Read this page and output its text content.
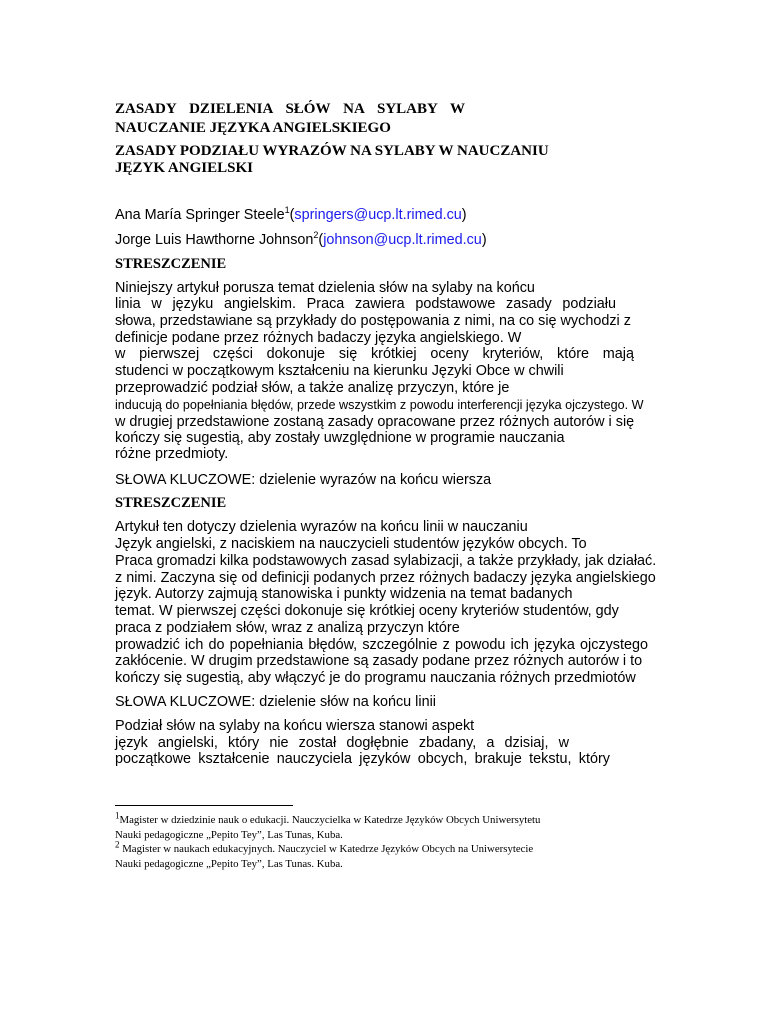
ZASADY DZIELENIA SŁÓW NA SYLABY W
NAUCZANIE JĘZYKA ANGIELSKIEGO
ZASADY PODZIAŁU WYRAZÓW NA SYLABY W NAUCZANIU
JĘZYK ANGIELSKI
Ana María Springer Steele$^1$(springers@ucp.lt.rimed.cu)
Jorge Luis Hawthorne Johnson$^2$(johnson@ucp.lt.rimed.cu)
STRESZCZENIE
Niniejszy artykuł porusza temat dzielenia słów na sylaby na końcu
linia w języku angielskim. Praca zawiera podstawowe zasady podziału
słowa, przedstawiane są przykłady do postępowania z nimi, na co się wychodzi z
definicje podane przez różnych badaczy języka angielskiego. W
w pierwszej części dokonuje się krótkiej oceny kryteriów, które mają
studenci w początkowym kształceniu na kierunku Języki Obce w chwili
przeprowadzić podział słów, a także analizę przyczyn, które je
inducują do popełniania błędów, przede wszystkim z powodu interferencji języka ojczystego. W
w drugiej przedstawione zostaną zasady opracowane przez różnych autorów i się
kończy się sugestią, aby zostały uwzględnione w programie nauczania
różne przedmioty.
SŁOWA KLUCZOWE: dzielenie wyrazów na końcu wiersza
STRESZCZENIE
Artykuł ten dotyczy dzielenia wyrazów na końcu linii w nauczaniu
Język angielski, z naciskiem na nauczycieli studentów języków obcych. To
Praca gromadzi kilka podstawowych zasad sylabizacji, a także przykłady, jak działać.
z nimi. Zaczyna się od definicji podanych przez różnych badaczy języka angielskiego
język. Autorzy zajmują stanowiska i punkty widzenia na temat badanych
temat. W pierwszej części dokonuje się krótkiej oceny kryteriów studentów, gdy
praca z podziałem słów, wraz z analizą przyczyn które
prowadzić ich do popełniania błędów, szczególnie z powodu ich języka ojczystego
zakłócenie. W drugim przedstawione są zasady podane przez różnych autorów i to
kończy się sugestią, aby włączyć je do programu nauczania różnych przedmiotów
SŁOWA KLUCZOWE: dzielenie słów na końcu linii
Podział słów na sylaby na końcu wiersza stanowi aspekt
język angielski, który nie został dogłębnie zbadany, a dzisiaj, w
początkowe kształcenie nauczyciela języków obcych, brakuje tekstu, który
$^1$Magister w dziedzinie nauk o edukacji. Nauczycielka w Katedrze Języków Obcych Uniwersytetu
Nauki pedagogiczne „Pepito Tey”, Las Tunas, Kuba.
$^2$ Magister w naukach edukacyjnych. Nauczyciel w Katedrze Języków Obcych na Uniwersytecie
Nauki pedagogiczne „Pepito Tey”, Las Tunas. Kuba.
